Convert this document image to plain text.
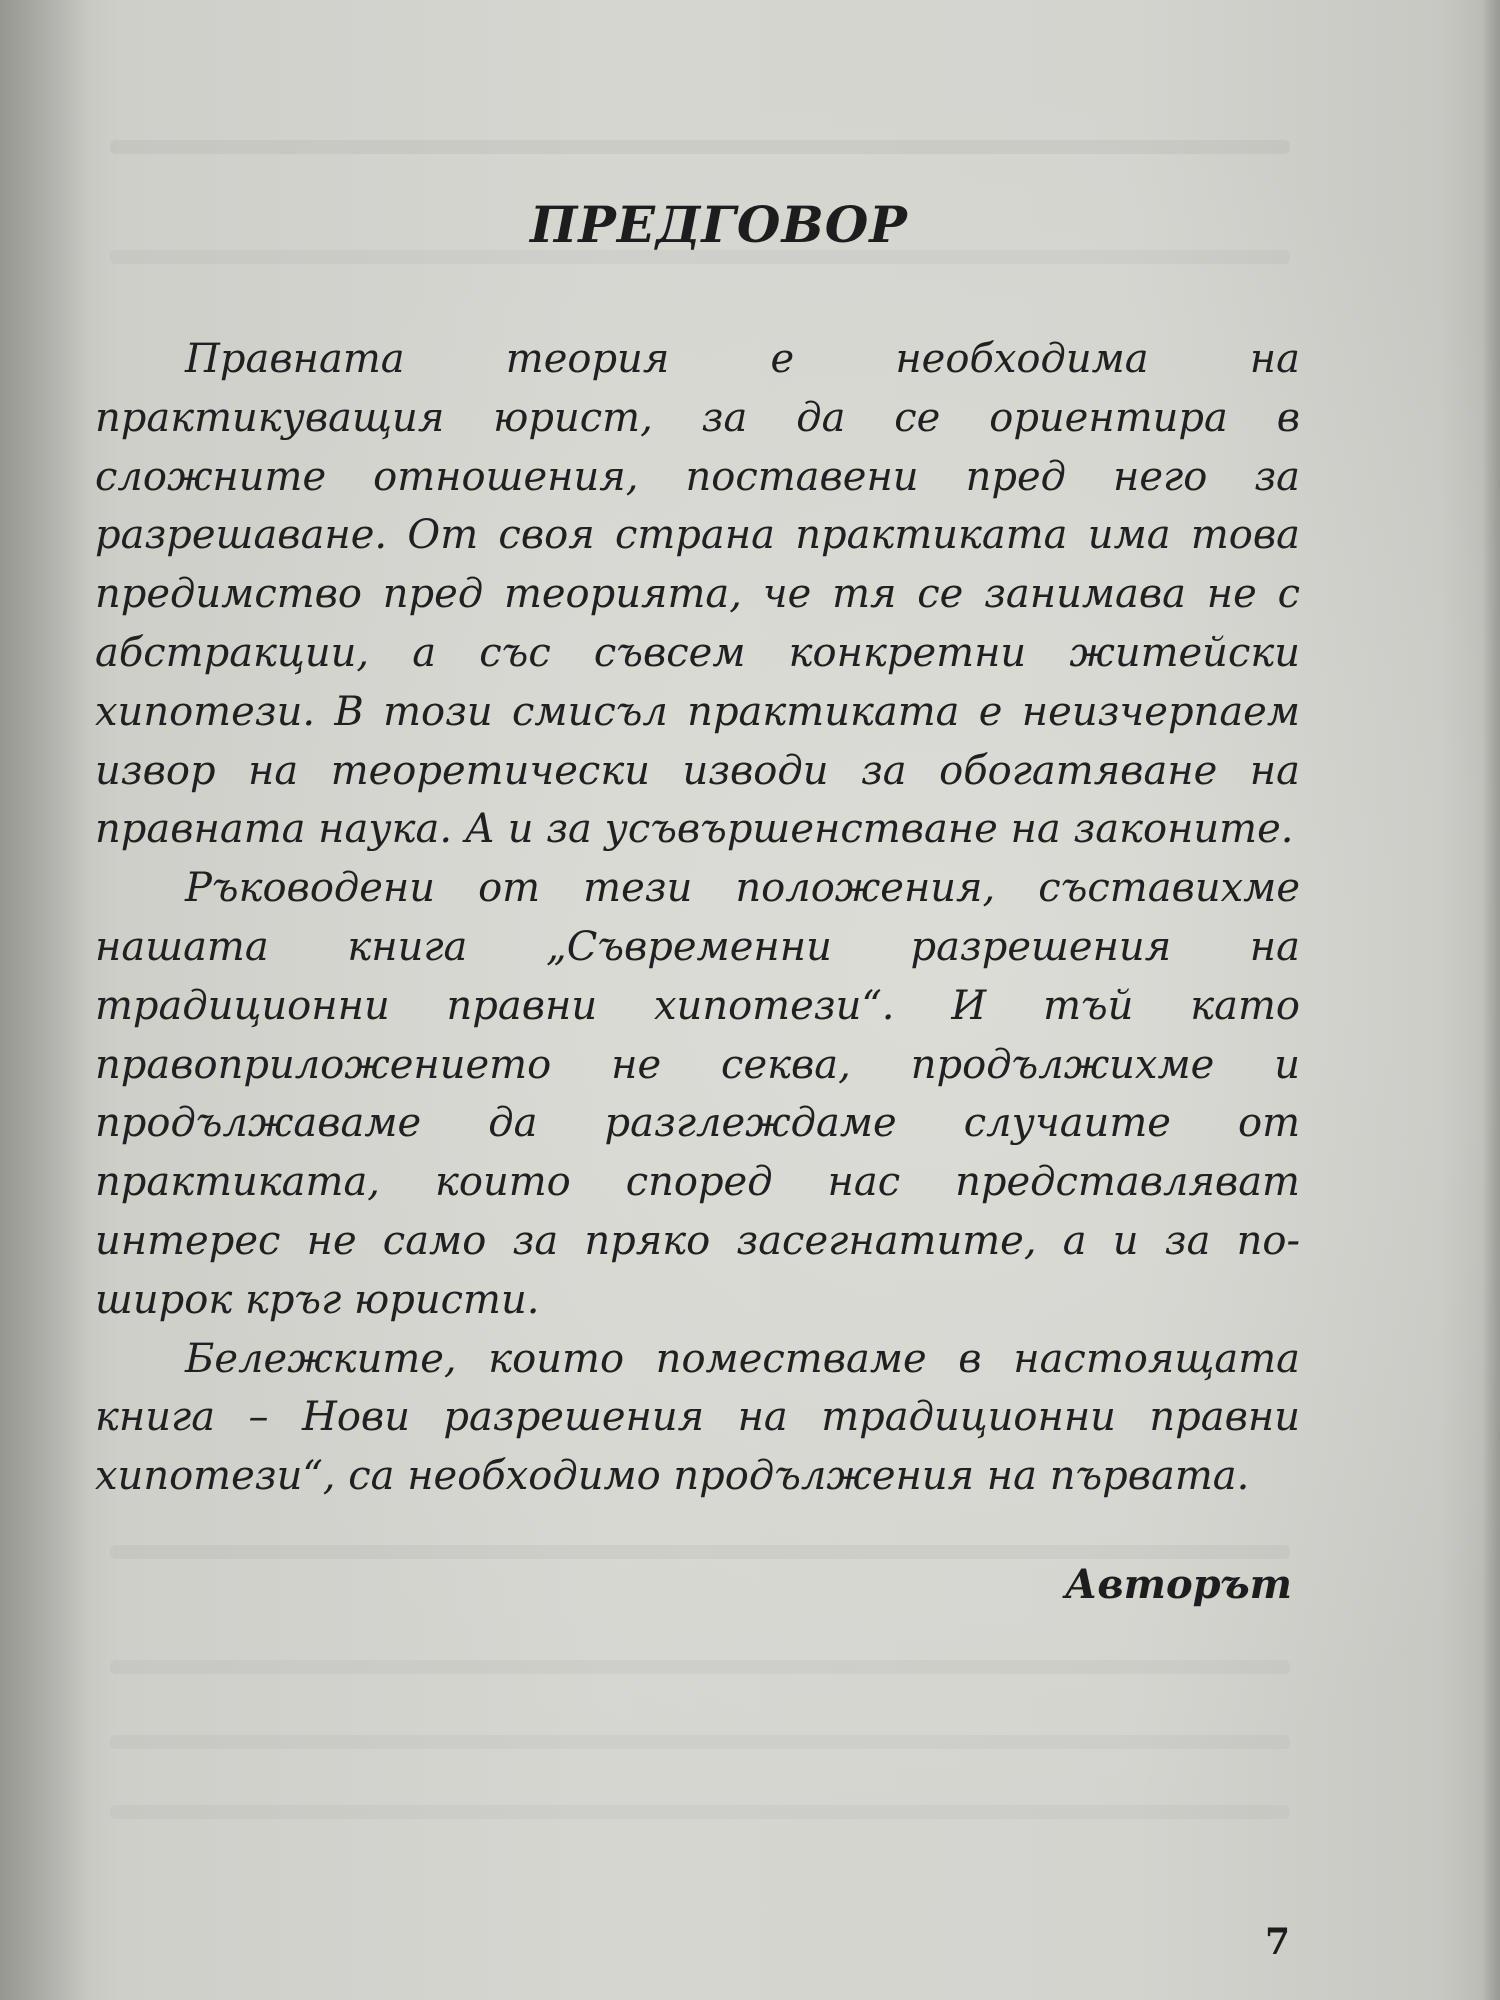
ПРЕДГОВОР

Правната теория е необходима на практикуващия юрист, за да се ориентира в сложните отношения, поставени пред него за разрешаване. От своя страна практиката има това предимство пред теорията, че тя се занимава не с абстракции, а със съвсем конкретни житейски хипотези. В този смисъл практиката е неизчерпаем извор на теоретически изводи за обогатяване на правната наука. А и за усъвършенстване на законите.

Ръководени от тези положения, съставихме нашата книга „Съвременни разрешения на традиционни правни хипотези“. И тъй като правоприложението не секва, продължихме и продължаваме да разглеждаме случаите от практиката, които според нас представляват интерес не само за пряко засегнатите, а и за по-широк кръг юристи.

Бележките, които поместваме в настоящата книга – Нови разрешения на традиционни правни хипотези“, са необходимо продължения на първата.

Авторът
7
